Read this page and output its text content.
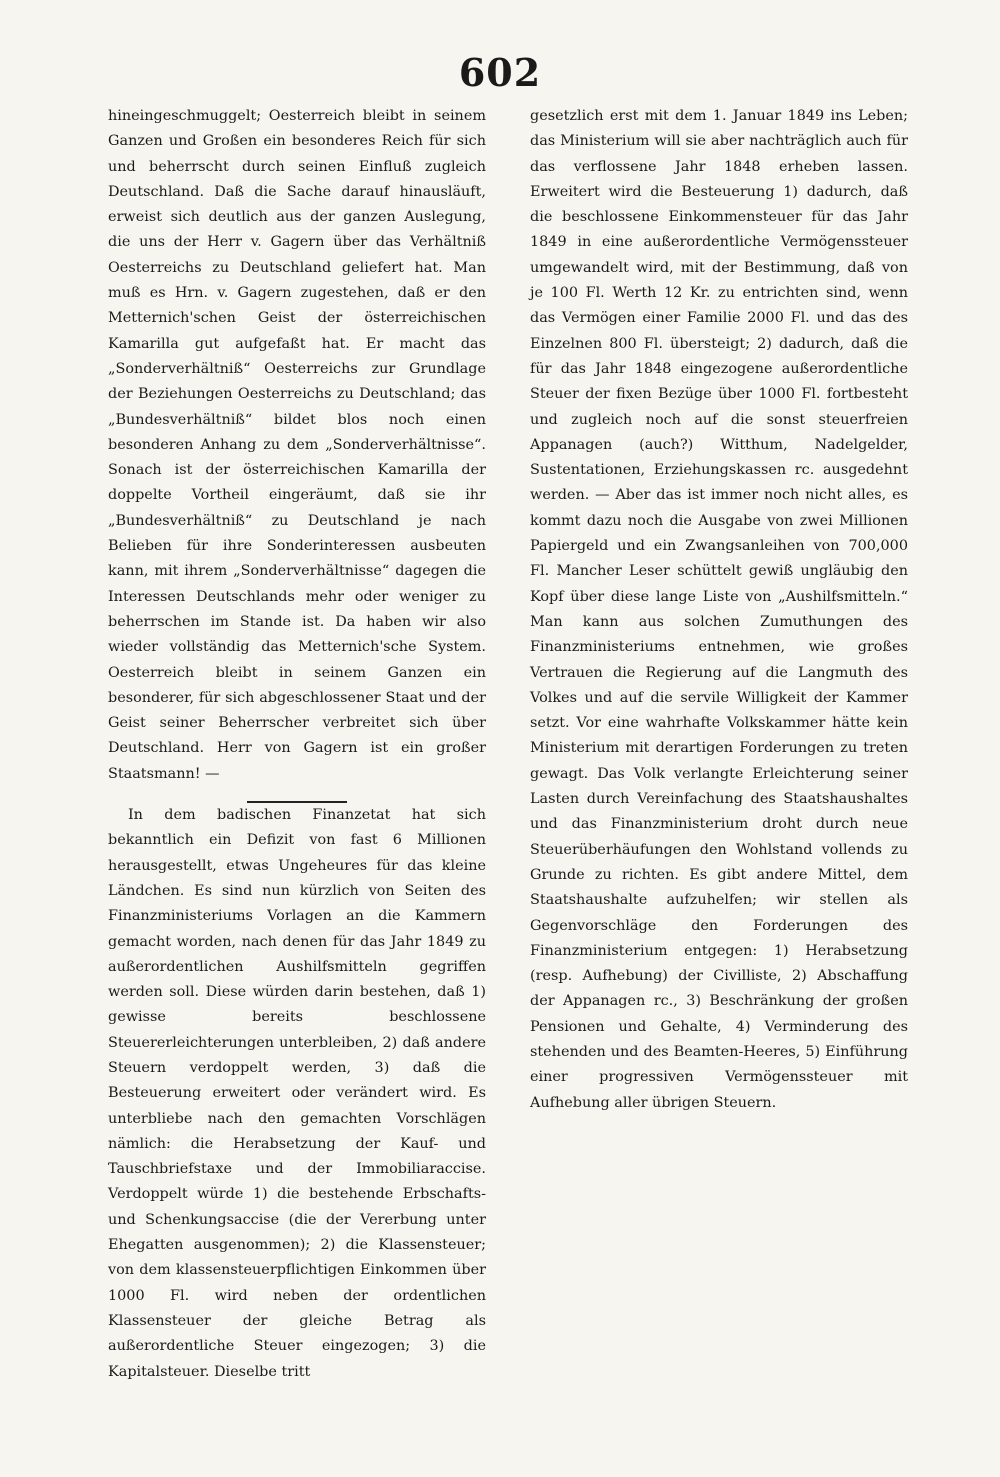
602

hineingeschmuggelt; Oesterreich bleibt in seinem Ganzen und Großen ein besonderes Reich für sich und beherrscht durch seinen Einfluß zugleich Deutschland. Daß die Sache darauf hinausläuft, erweist sich deutlich aus der ganzen Auslegung, die uns der Herr v. Gagern über das Verhältniß Oesterreichs zu Deutschland geliefert hat. Man muß es Hrn. v. Gagern zugestehen, daß er den Metternich'schen Geist der österreichischen Kamarilla gut aufgefaßt hat. Er macht das „Sonderverhältniß“ Oesterreichs zur Grundlage der Beziehungen Oesterreichs zu Deutschland; das „Bundesverhältniß“ bildet blos noch einen besonderen Anhang zu dem „Sonderverhältnisse“. Sonach ist der österreichischen Kamarilla der doppelte Vortheil eingeräumt, daß sie ihr „Bundesverhältniß“ zu Deutschland je nach Belieben für ihre Sonderinteressen ausbeuten kann, mit ihrem „Sonderverhältnisse“ dagegen die Interessen Deutschlands mehr oder weniger zu beherrschen im Stande ist. Da haben wir also wieder vollständig das Metternich'sche System. Oesterreich bleibt in seinem Ganzen ein besonderer, für sich abgeschlossener Staat und der Geist seiner Beherrscher verbreitet sich über Deutschland. Herr von Gagern ist ein großer Staatsmann! —

In dem badischen Finanzetat hat sich bekanntlich ein Defizit von fast 6 Millionen herausgestellt, etwas Ungeheures für das kleine Ländchen. Es sind nun kürzlich von Seiten des Finanzministeriums Vorlagen an die Kammern gemacht worden, nach denen für das Jahr 1849 zu außerordentlichen Aushilfsmitteln gegriffen werden soll. Diese würden darin bestehen, daß 1) gewisse bereits beschlossene Steuererleichterungen unterbleiben, 2) daß andere Steuern verdoppelt werden, 3) daß die Besteuerung erweitert oder verändert wird. Es unterbliebe nach den gemachten Vorschlägen nämlich: die Herabsetzung der Kauf- und Tauschbriefstaxe und der Immobiliaraccise. Verdoppelt würde 1) die bestehende Erbschafts- und Schenkungsaccise (die der Vererbung unter Ehegatten ausgenommen); 2) die Klassensteuer; von dem klassensteuerpflichtigen Einkommen über 1000 Fl. wird neben der ordentlichen Klassensteuer der gleiche Betrag als außerordentliche Steuer eingezogen; 3) die Kapitalsteuer. Dieselbe tritt

gesetzlich erst mit dem 1. Januar 1849 ins Leben; das Ministerium will sie aber nachträglich auch für das verflossene Jahr 1848 erheben lassen. Erweitert wird die Besteuerung 1) dadurch, daß die beschlossene Einkommensteuer für das Jahr 1849 in eine außerordentliche Vermögenssteuer umgewandelt wird, mit der Bestimmung, daß von je 100 Fl. Werth 12 Kr. zu entrichten sind, wenn das Vermögen einer Familie 2000 Fl. und das des Einzelnen 800 Fl. übersteigt; 2) dadurch, daß die für das Jahr 1848 eingezogene außerordentliche Steuer der fixen Bezüge über 1000 Fl. fortbesteht und zugleich noch auf die sonst steuerfreien Appanagen (auch?) Witthum, Nadelgelder, Sustentationen, Erziehungskassen rc. ausgedehnt werden. — Aber das ist immer noch nicht alles, es kommt dazu noch die Ausgabe von zwei Millionen Papiergeld und ein Zwangsanleihen von 700,000 Fl. Mancher Leser schüttelt gewiß ungläubig den Kopf über diese lange Liste von „Aushilfsmitteln.“ Man kann aus solchen Zumuthungen des Finanzministeriums entnehmen, wie großes Vertrauen die Regierung auf die Langmuth des Volkes und auf die servile Willigkeit der Kammer setzt. Vor eine wahrhafte Volkskammer hätte kein Ministerium mit derartigen Forderungen zu treten gewagt. Das Volk verlangte Erleichterung seiner Lasten durch Vereinfachung des Staatshaushaltes und das Finanzministerium droht durch neue Steuerüberhäufungen den Wohlstand vollends zu Grunde zu richten. Es gibt andere Mittel, dem Staatshaushalte aufzuhelfen; wir stellen als Gegenvorschläge den Forderungen des Finanzministerium entgegen: 1) Herabsetzung (resp. Aufhebung) der Civilliste, 2) Abschaffung der Appanagen rc., 3) Beschränkung der großen Pensionen und Gehalte, 4) Verminderung des stehenden und des Beamten-Heeres, 5) Einführung einer progressiven Vermögenssteuer mit Aufhebung aller übrigen Steuern.
